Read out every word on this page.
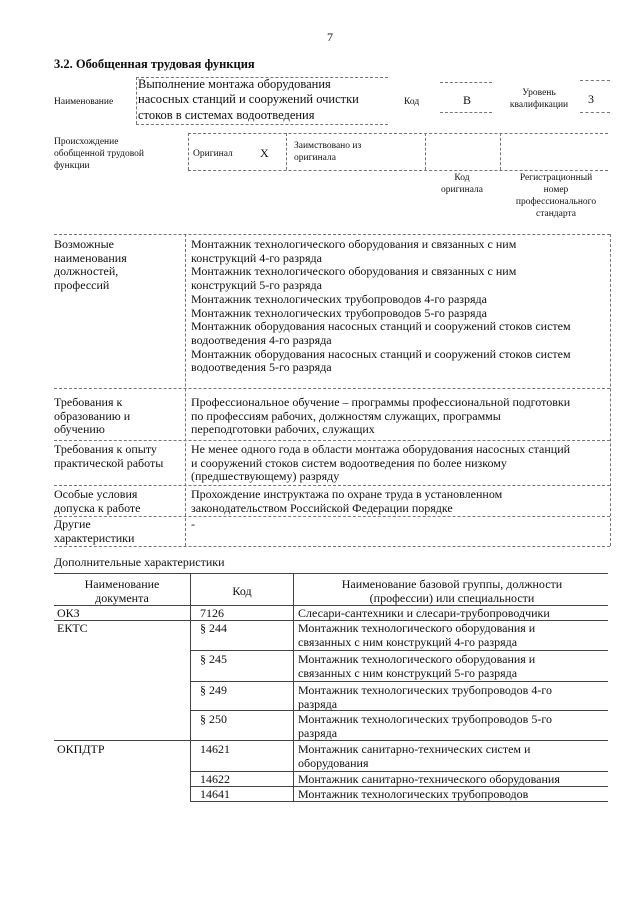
7
3.2. Обобщенная трудовая функция
Наименование
Выполнение монтажа оборудования
насосных станций и сооружений очистки
стоков в системах водоотведения
Код	В	Уровень
квалификации	3
Происхождение
обобщенной трудовой
функции
Оригинал Х	Заимствовано из
оригинала
Код
оригинала
Регистрационный
номер
профессионального
стандарта
Возможные
наименования
должностей,
профессий
Монтажник технологического оборудования и связанных с ним
конструкций 4-го разряда
Монтажник технологического оборудования и связанных с ним
конструкций 5-го разряда
Монтажник технологических трубопроводов 4-го разряда
Монтажник технологических трубопроводов 5-го разряда
Монтажник оборудования насосных станций и сооружений стоков систем
водоотведения 4-го разряда
Монтажник оборудования насосных станций и сооружений стоков систем
водоотведения 5-го разряда
Требования к
образованию и
обучению
Профессиональное обучение – программы профессиональной подготовки
по профессиям рабочих, должностям служащих, программы
переподготовки рабочих, служащих
Требования к опыту
практической работы
Не менее одного года в области монтажа оборудования насосных станций
и сооружений стоков систем водоотведения по более низкому
(предшествующему) разряду
Особые условия
допуска к работе
Прохождение инструктажа по охране труда в установленном
законодательством Российской Федерации порядке
Другие
характеристики
-
Дополнительные характеристики
Наименование
документа	Код	Наименование базовой группы, должности
(профессии) или специальности
ОКЗ	7126	Слесари-сантехники и слесари-трубопроводчики
ЕКТС	§ 244	Монтажник технологического оборудования и
связанных с ним конструкций 4-го разряда
§ 245	Монтажник технологического оборудования и
связанных с ним конструкций 5-го разряда
§ 249	Монтажник технологических трубопроводов 4-го
разряда
§ 250	Монтажник технологических трубопроводов 5-го
разряда
ОКПДТР	14621	Монтажник санитарно-технических систем и
оборудования
14622	Монтажник санитарно-технического оборудования
14641	Монтажник технологических трубопроводов
